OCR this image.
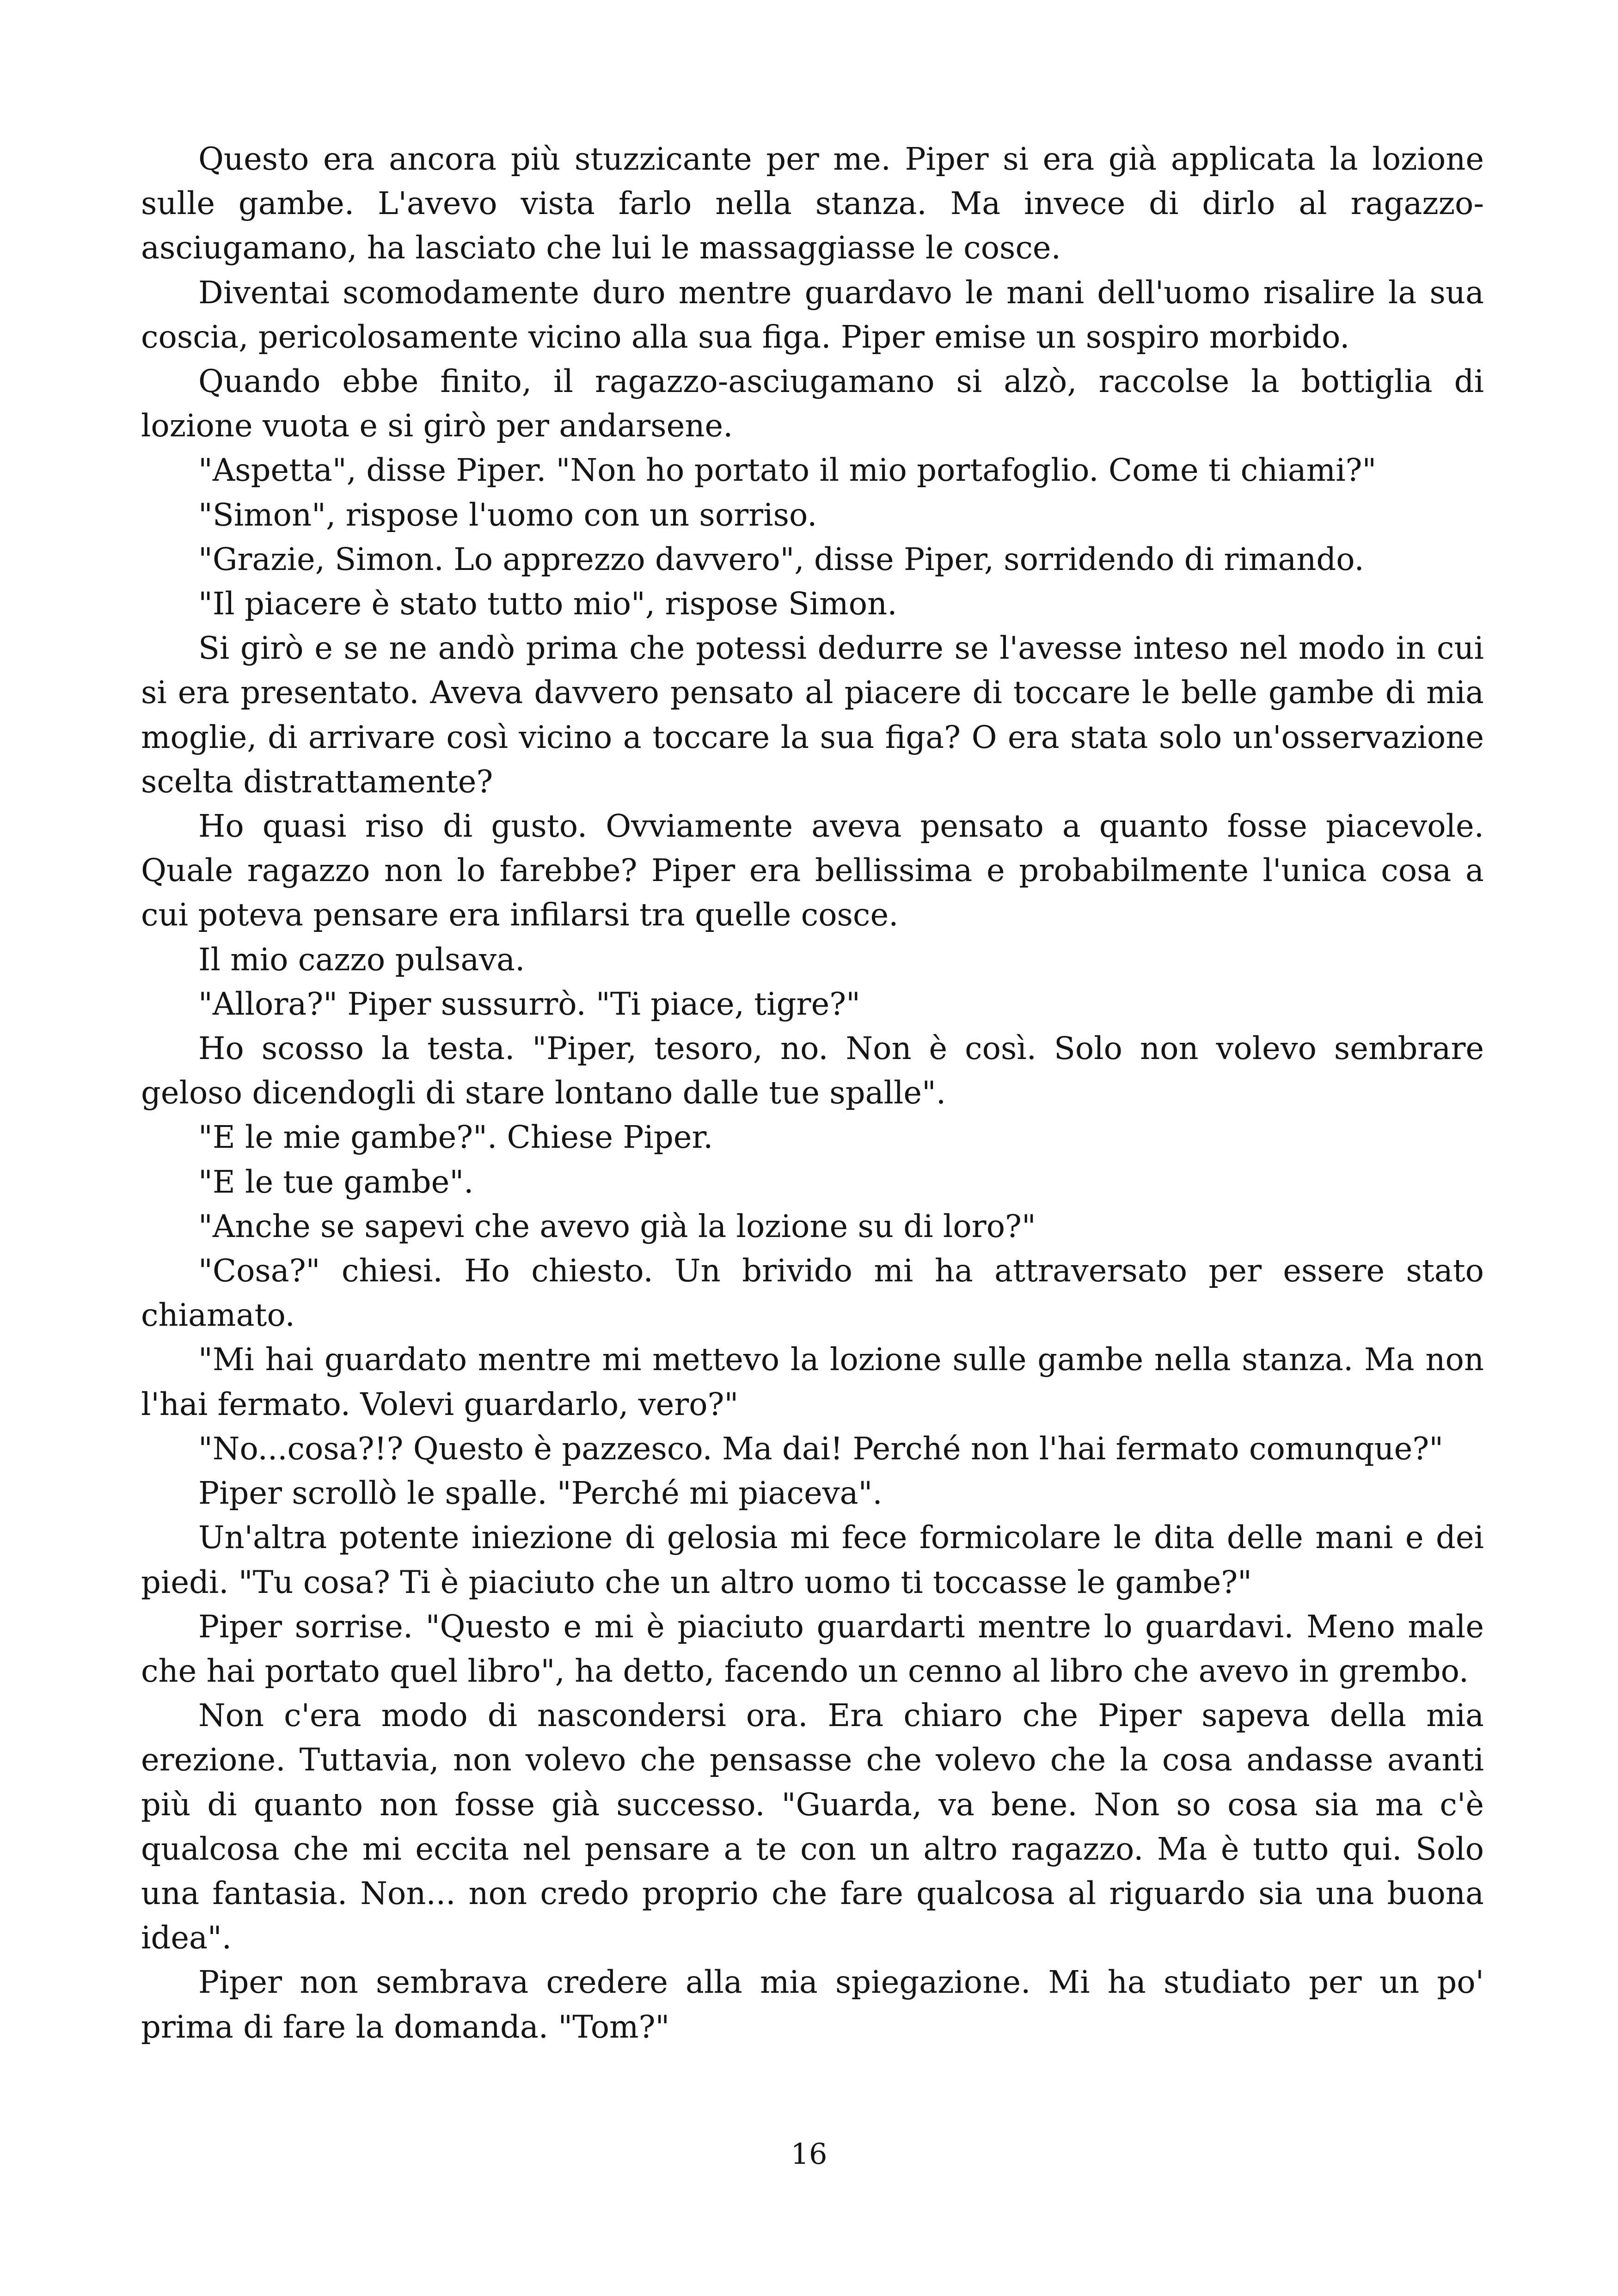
Questo era ancora più stuzzicante per me. Piper si era già applicata la lozione sulle gambe. L'avevo vista farlo nella stanza. Ma invece di dirlo al ragazzo-asciugamano, ha lasciato che lui le massaggiasse le cosce.

Diventai scomodamente duro mentre guardavo le mani dell'uomo risalire la sua coscia, pericolosamente vicino alla sua figa. Piper emise un sospiro morbido.

Quando ebbe finito, il ragazzo-asciugamano si alzò, raccolse la bottiglia di lozione vuota e si girò per andarsene.

"Aspetta", disse Piper. "Non ho portato il mio portafoglio. Come ti chiami?"

"Simon", rispose l'uomo con un sorriso.

"Grazie, Simon. Lo apprezzo davvero", disse Piper, sorridendo di rimando.

"Il piacere è stato tutto mio", rispose Simon.

Si girò e se ne andò prima che potessi dedurre se l'avesse inteso nel modo in cui si era presentato. Aveva davvero pensato al piacere di toccare le belle gambe di mia moglie, di arrivare così vicino a toccare la sua figa? O era stata solo un'osservazione scelta distrattamente?

Ho quasi riso di gusto. Ovviamente aveva pensato a quanto fosse piacevole. Quale ragazzo non lo farebbe? Piper era bellissima e probabilmente l'unica cosa a cui poteva pensare era infilarsi tra quelle cosce.

Il mio cazzo pulsava.

"Allora?" Piper sussurrò. "Ti piace, tigre?"

Ho scosso la testa. "Piper, tesoro, no. Non è così. Solo non volevo sembrare geloso dicendogli di stare lontano dalle tue spalle".

"E le mie gambe?". Chiese Piper.

"E le tue gambe".

"Anche se sapevi che avevo già la lozione su di loro?"

"Cosa?" chiesi. Ho chiesto. Un brivido mi ha attraversato per essere stato chiamato.

"Mi hai guardato mentre mi mettevo la lozione sulle gambe nella stanza. Ma non l'hai fermato. Volevi guardarlo, vero?"

"No...cosa?!? Questo è pazzesco. Ma dai! Perché non l'hai fermato comunque?"

Piper scrollò le spalle. "Perché mi piaceva".

Un'altra potente iniezione di gelosia mi fece formicolare le dita delle mani e dei piedi. "Tu cosa? Ti è piaciuto che un altro uomo ti toccasse le gambe?"

Piper sorrise. "Questo e mi è piaciuto guardarti mentre lo guardavi. Meno male che hai portato quel libro", ha detto, facendo un cenno al libro che avevo in grembo.

Non c'era modo di nascondersi ora. Era chiaro che Piper sapeva della mia erezione. Tuttavia, non volevo che pensasse che volevo che la cosa andasse avanti più di quanto non fosse già successo. "Guarda, va bene. Non so cosa sia ma c'è qualcosa che mi eccita nel pensare a te con un altro ragazzo. Ma è tutto qui. Solo una fantasia. Non... non credo proprio che fare qualcosa al riguardo sia una buona idea".

Piper non sembrava credere alla mia spiegazione. Mi ha studiato per un po' prima di fare la domanda. "Tom?"

16
